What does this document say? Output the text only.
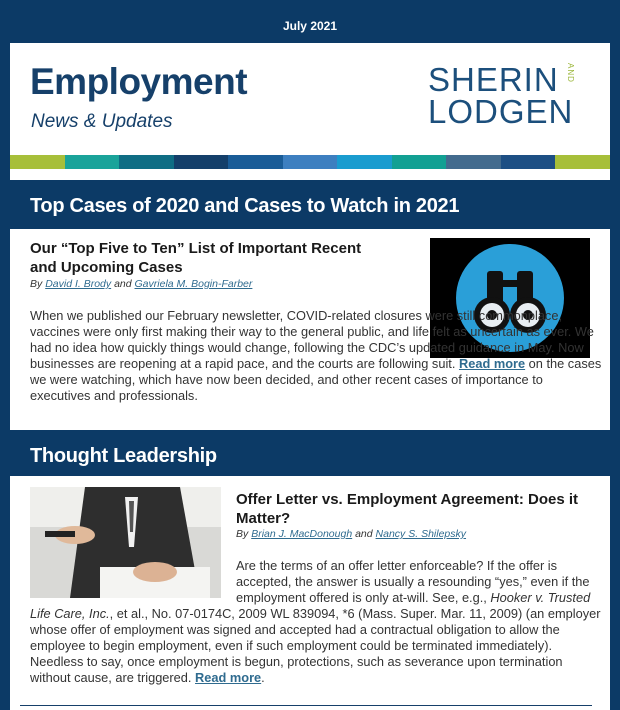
July 2021
Employment
News & Updates
SHERIN
LODGEN
AND
Top Cases of 2020 and Cases to Watch in 2021
Our “Top Five to Ten” List of Important Recent and Upcoming Cases
By David I. Brody and Gavriela M. Bogin-Farber
When we published our February newsletter, COVID-related closures were still commonplace, vaccines were only first making their way to the general public, and life felt as uncertain as ever. We had no idea how quickly things would change, following the CDC’s updated guidance in May. Now businesses are reopening at a rapid pace, and the courts are following suit. Read more on the cases we were watching, which have now been decided, and other recent cases of importance to executives and professionals.
Thought Leadership
Offer Letter vs. Employment Agreement: Does it Matter?
By Brian J. MacDonough and Nancy S. Shilepsky
Are the terms of an offer letter enforceable? If the offer is accepted, the answer is usually a resounding “yes,” even if the employment offered is only at-will. See, e.g., Hooker v. Trusted Life Care, Inc., et al., No. 07-0174C, 2009 WL 839094, *6 (Mass. Super. Mar. 11, 2009) (an employer whose offer of employment was signed and accepted had a contractual obligation to allow the employee to begin employment, even if such employment could be terminated immediately). Needless to say, once employment is begun, protections, such as severance upon termination without cause, are triggered. Read more.
